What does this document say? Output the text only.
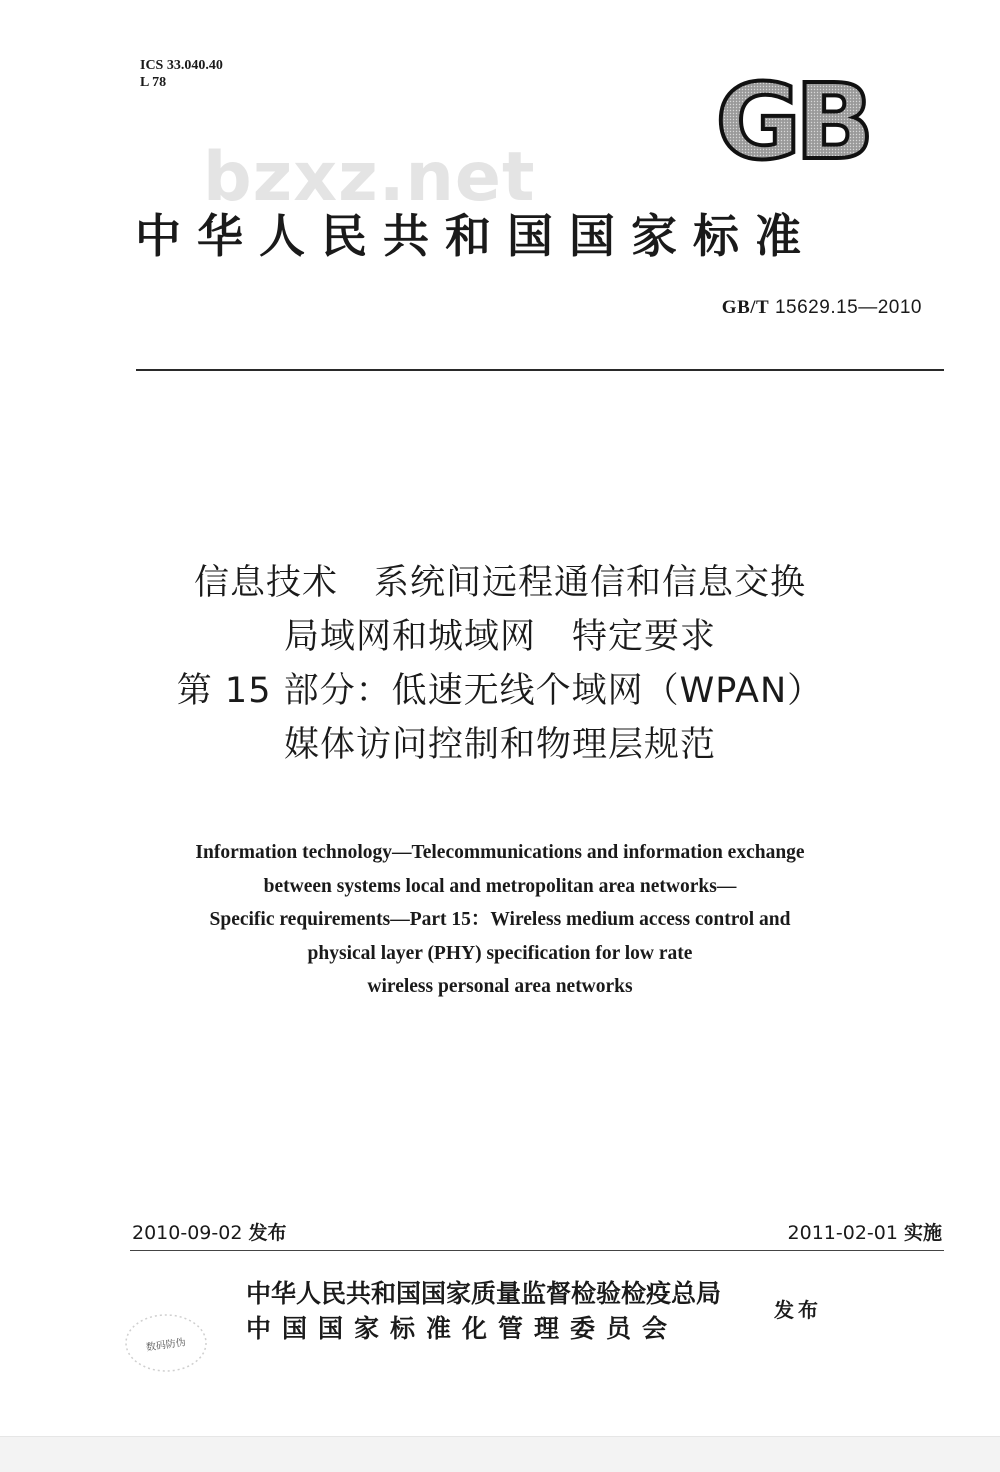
ICS 33.040.40
L 78	GB
bzxz.net
中华人民共和国国家标准
GB/T 15629.15—2010
信息技术　系统间远程通信和信息交换
局域网和城域网　特定要求
第 15 部分：低速无线个域网（WPAN）
媒体访问控制和物理层规范
Information technology—Telecommunications and information exchange
between systems local and metropolitan area networks—
Specific requirements—Part 15：Wireless medium access control and
physical layer (PHY) specification for low rate
wireless personal area networks
2010-09-02 发布	2011-02-01 实施
数码防伪
中华人民共和国国家质量监督检验检疫总局
中国国家标准化管理委员会
发布
